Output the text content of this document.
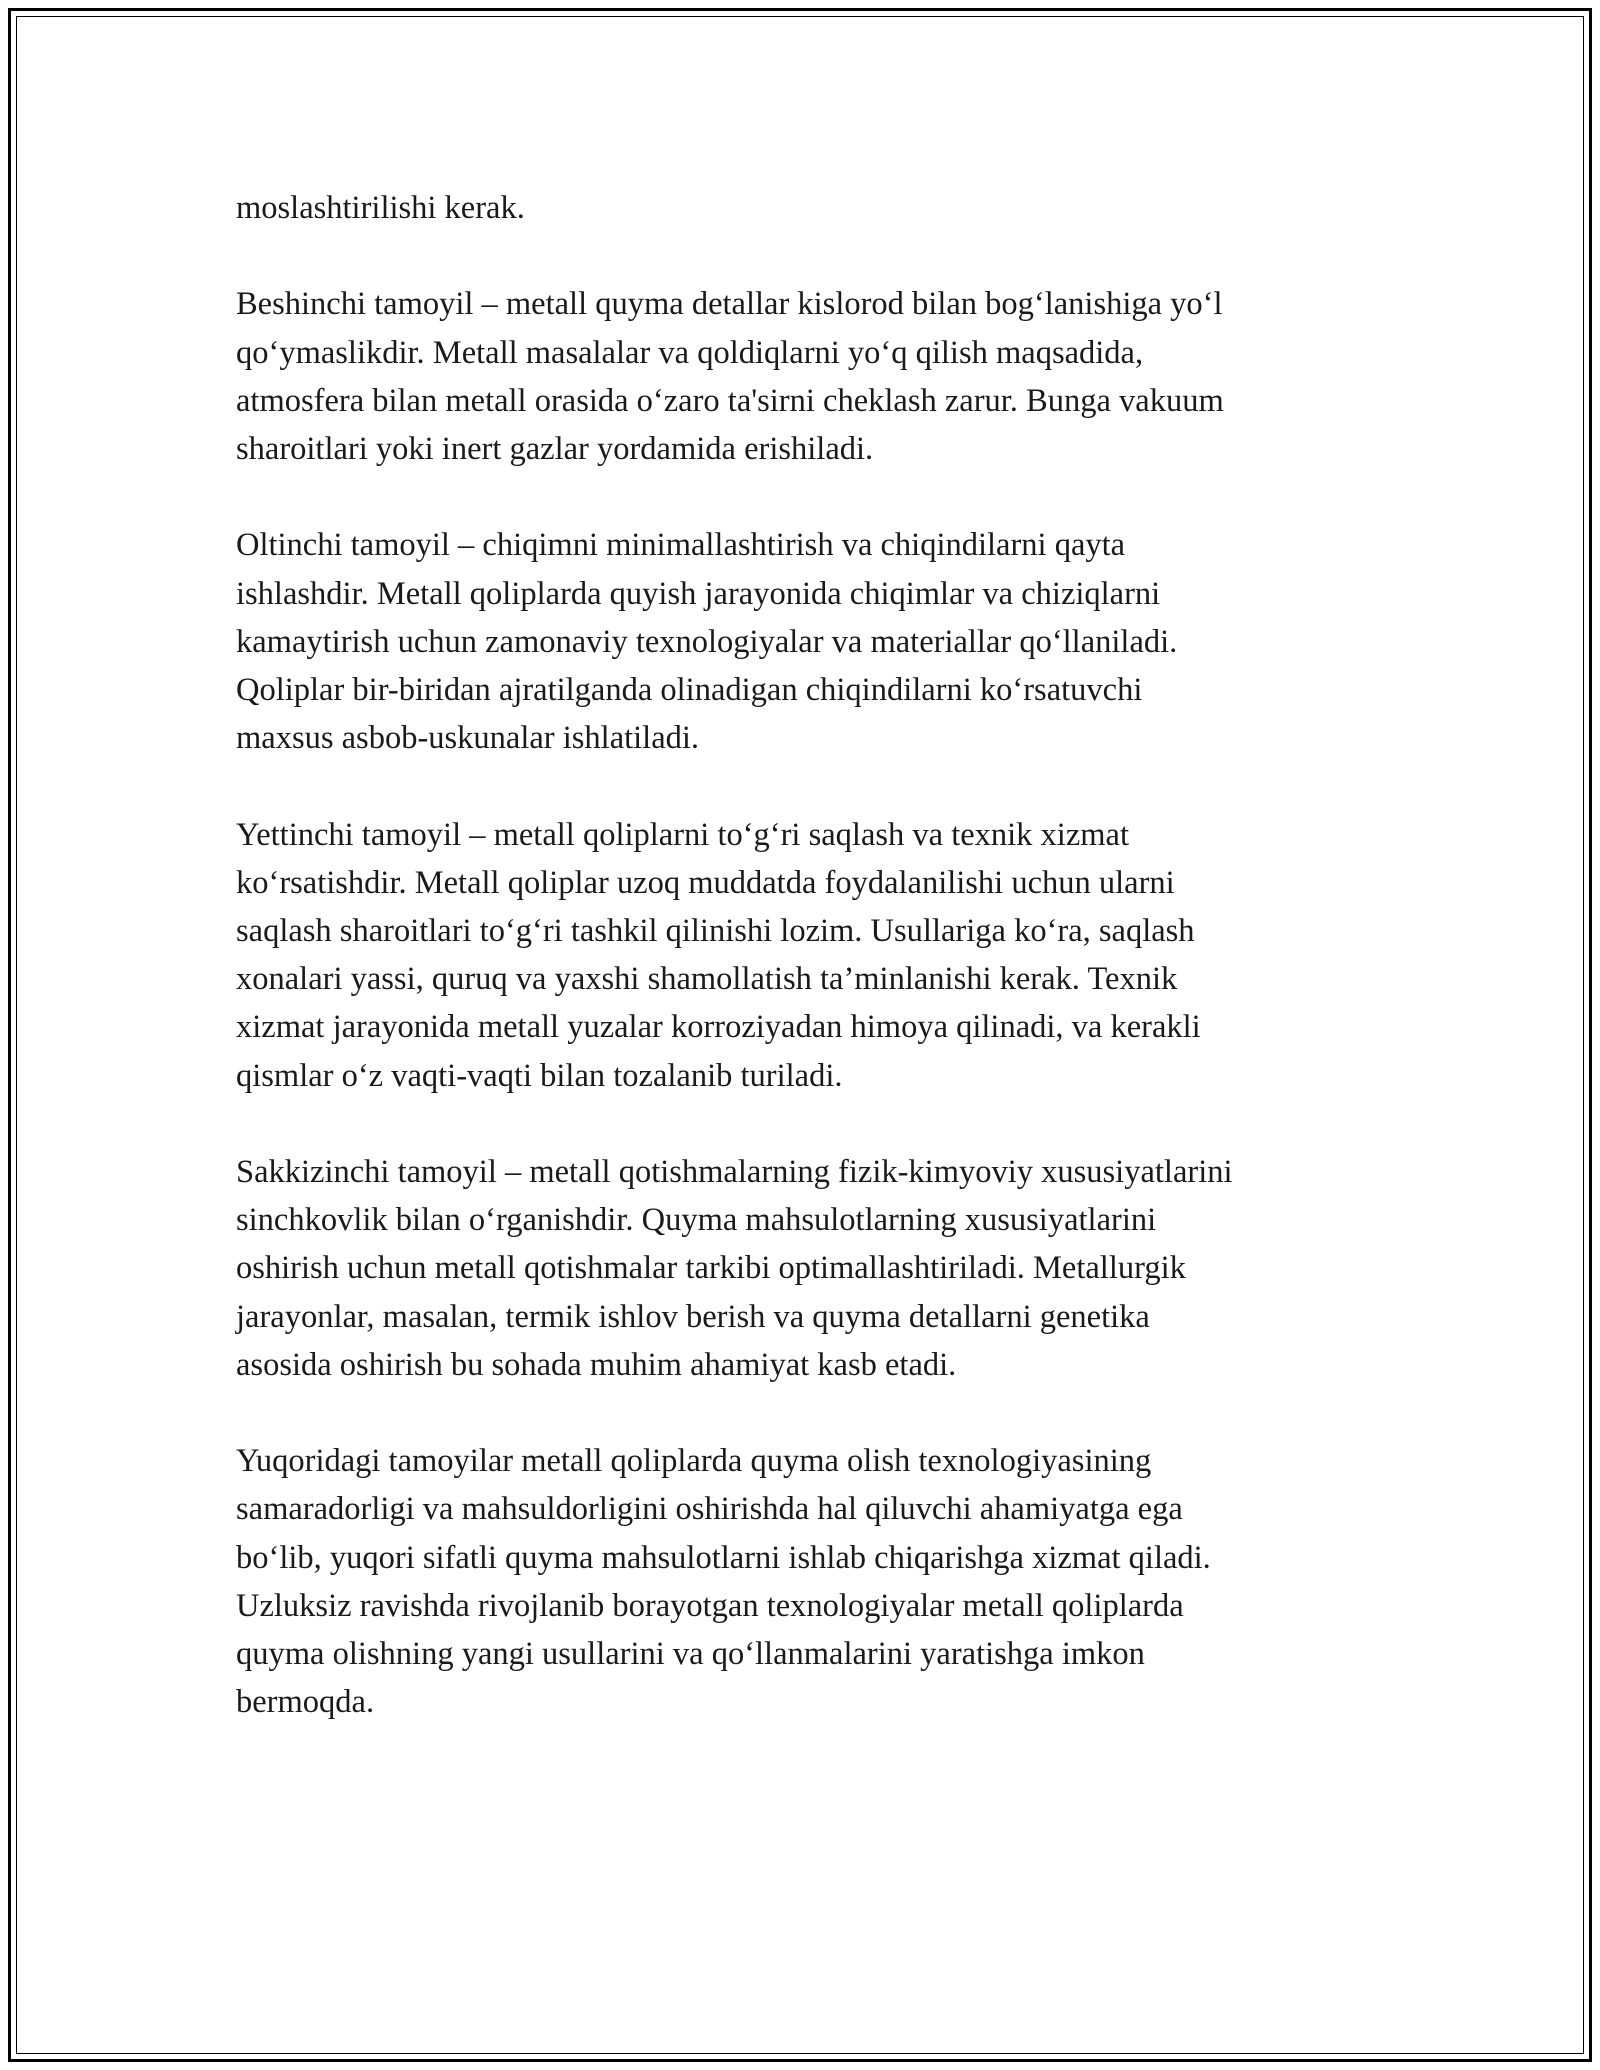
moslashtirilishi kerak.

Beshinchi tamoyil – metall quyma detallar kislorod bilan bog‘lanishiga yo‘l
qo‘ymaslikdir. Metall masalalar va qoldiqlarni yo‘q qilish maqsadida,
atmosfera bilan metall orasida o‘zaro ta'sirni cheklash zarur. Bunga vakuum
sharoitlari yoki inert gazlar yordamida erishiladi.

Oltinchi tamoyil – chiqimni minimallashtirish va chiqindilarni qayta
ishlashdir. Metall qoliplarda quyish jarayonida chiqimlar va chiziqlarni
kamaytirish uchun zamonaviy texnologiyalar va materiallar qo‘llaniladi.
Qoliplar bir-biridan ajratilganda olinadigan chiqindilarni ko‘rsatuvchi
maxsus asbob-uskunalar ishlatiladi.

Yettinchi tamoyil – metall qoliplarni to‘g‘ri saqlash va texnik xizmat
ko‘rsatishdir. Metall qoliplar uzoq muddatda foydalanilishi uchun ularni
saqlash sharoitlari to‘g‘ri tashkil qilinishi lozim. Usullariga ko‘ra, saqlash
xonalari yassi, quruq va yaxshi shamollatish ta’minlanishi kerak. Texnik
xizmat jarayonida metall yuzalar korroziyadan himoya qilinadi, va kerakli
qismlar o‘z vaqti-vaqti bilan tozalanib turiladi.

Sakkizinchi tamoyil – metall qotishmalarning fizik-kimyoviy xususiyatlarini
sinchkovlik bilan o‘rganishdir. Quyma mahsulotlarning xususiyatlarini
oshirish uchun metall qotishmalar tarkibi optimallashtiriladi. Metallurgik
jarayonlar, masalan, termik ishlov berish va quyma detallarni genetika
asosida oshirish bu sohada muhim ahamiyat kasb etadi.

Yuqoridagi tamoyilar metall qoliplarda quyma olish texnologiyasining
samaradorligi va mahsuldorligini oshirishda hal qiluvchi ahamiyatga ega
bo‘lib, yuqori sifatli quyma mahsulotlarni ishlab chiqarishga xizmat qiladi.
Uzluksiz ravishda rivojlanib borayotgan texnologiyalar metall qoliplarda
quyma olishning yangi usullarini va qo‘llanmalarini yaratishga imkon
bermoqda.
